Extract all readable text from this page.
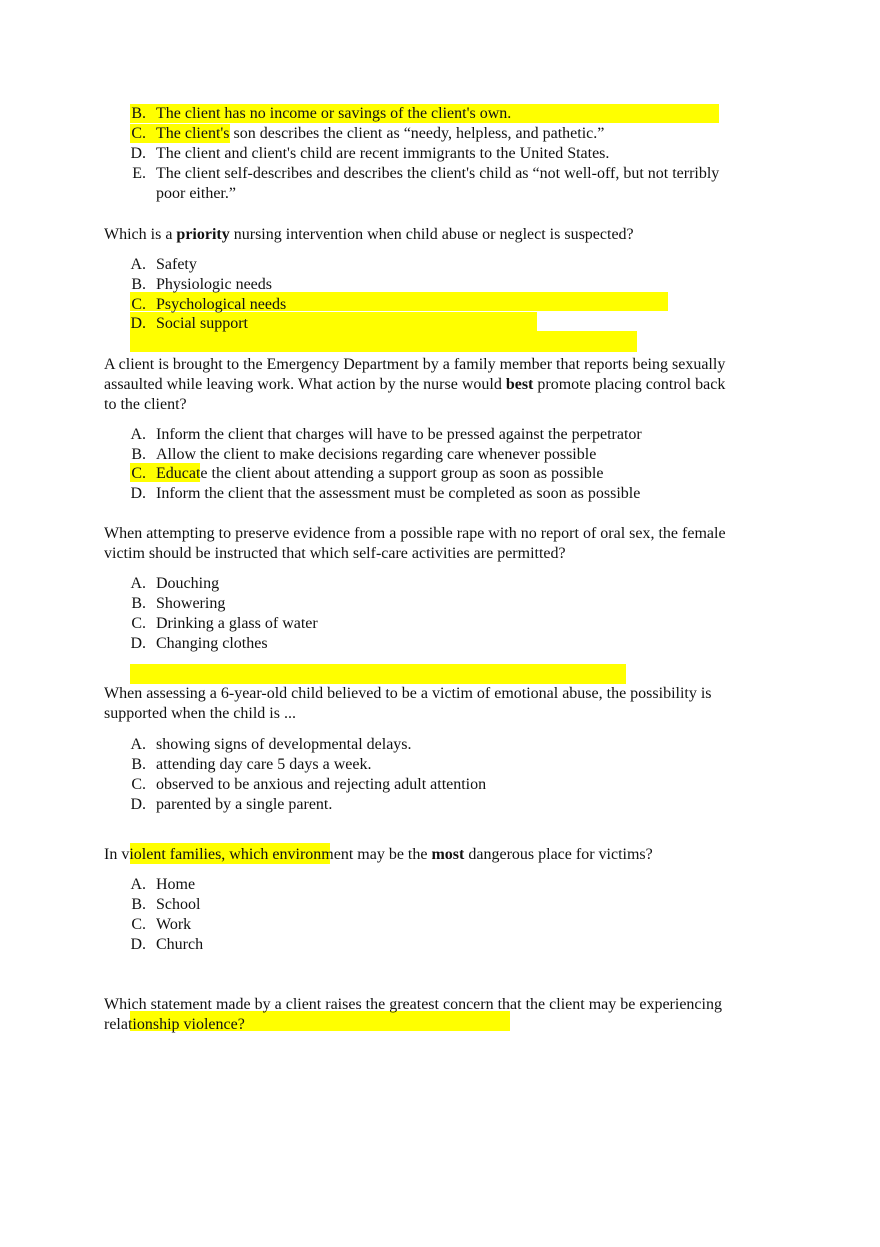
B. The client has no income or savings of the client's own.
C. The client's son describes the client as “needy, helpless, and pathetic.”
D. The client and client's child are recent immigrants to the United States.
E. The client self-describes and describes the client's child as “not well-off, but not terribly
poor either.”

Which is a priority nursing intervention when child abuse or neglect is suspected?

A. Safety
B. Physiologic needs
C. Psychological needs
D. Social support
A client is brought to the Emergency Department by a family member that reports being sexually

assaulted while leaving work. What action by the nurse would best promote placing control back

to the client?
A. Inform the client that charges will have to be pressed against the perpetrator
B. Allow the client to make decisions regarding care whenever possible
C. Educate the client about attending a support group as soon as possible
D. Inform the client that the assessment must be completed as soon as possible
When attempting to preserve evidence from a possible rape with no report of oral sex, the female
victim should be instructed that which self-care activities are permitted?
A. Douching
B. Showering
C. Drinking a glass of water
D. Changing clothes
When assessing a 6-year-old child believed to be a victim of emotional abuse, the possibility is
supported when the child is ...
A. showing signs of developmental delays.
B. attending day care 5 days a week.
C. observed to be anxious and rejecting adult attention
D. parented by a single parent.

In violent families, which environment may be the most dangerous place for victims?

A. Home
B. School
C. Work
D. Church
Which statement made by a client raises the greatest concern that the client may be experiencing
relationship violence?
